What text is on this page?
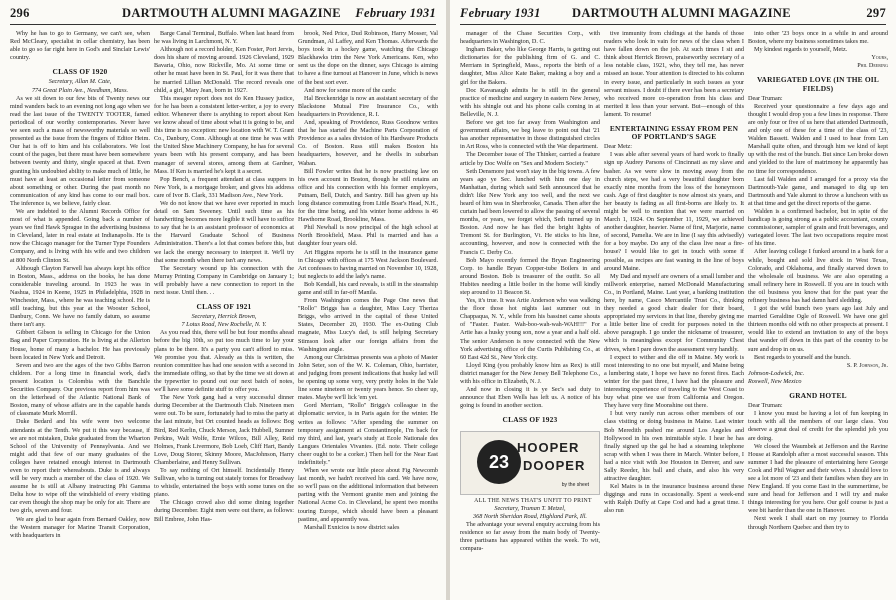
296	DARTMOUTH ALUMNI MAGAZINE February 1931

Why he has to go to Germany, we can't see, when Red McCleary, specialist in cellar chemistry, has been able to go so far right here in God's and Sinclair Lewis' country.

CLASS OF 1920

Secretary, Allan M. Cate,

774 Great Plain Ave., Needham, Mass.

As we sit down to our few bits of Twenty news our mind wanders back to an evening not long ago when we read the last issue of the TWENTY TOOTER, famed periodical of our worthy contemporaries. Never have we seen such a mass of newsworthy materials so well presented as the issue from the fingers of Editor Heim. Our hat is off to him and his collaborators. We lost count of the pages, but there must have been somewhere between twenty and thirty, single spaced at that. Even granting his undoubted ability to make much of little, he must have at least an occasional letter from someone about something or other. During the past month no communication of any kind has come to our mail box. The inference is, we believe, fairly clear.

We are indebted to the Alumni Records Office for most of what is appended. Going back a number of years we find Hawk Sprague in the advertising business in Cleveland, later in real estate at Indianapolis. He is now the Chicago manager for the Turner Type Founders Company, and is living with his wife and two children at 800 North Clinton St.

Although Clayton Farwell has always kept his office in Boston, Mass., address on the books, he has done considerable traveling around. In 1923 he was in Nashua, 1924 in Keene, 1925 in Philadelphia, 1928 in Winchester, Mass., where he was teaching school. He is still teaching, but this year at the Wooster School, Danbury, Conn. We have no family datum, so assume there isn't any.

Gibbert Gibson is selling in Chicago for the Union Bag and Paper Corporation. He is living at the Allerton House, home of many a bachelor. He has previously been located in New York and Detroit.

Seven and two are the ages of the two Gibbs Barron children. For a long time in financial work, dad's present location is Colombia with the Banchile Securities Company. Our previous report from him was on the letterhead of the Atlantic National Bank of Boston, many of whose affairs are in the capable hands of classmate Murk Morrill.

Duke Bedard and his wife were two welcome attendants at the Tenth. We put it this way because, if we are not mistaken, Duke graduated from the Wharton School of the University of Pennsylvania. And we might add that few of our many graduates of the colleges have retained enough interest in Dartmouth even to report their whereabouts. Duke is and always will be very much a member of the class of 1920. We assume he is still at Albany instructing Phi Gamma Delta how to wipe off the windshield of every visiting car even though the shop may be only for air. There are two girls, seven and four.

We are glad to hear again from Bernard Oakley, now the Western manager for Marine Transit Corporation, with headquarters in

Barge Canal Terminal, Buffalo. When last heard from he was living in Larchmont, N. Y.

Although not a record holder, Ken Foster, Port Jervis, does his share of moving around. 1926 Cleveland, 1929 Bavaria, Ohio, now Rickville, Mo. At some time or other he must have been in St. Paul, for it was there that he married Lillian McDonald. The record reveals one child, a girl, Mary Jean, born in 1927.

This meager report does not do Ken Hussey justice, for he has been a consistent letter-writer, a joy to every editor. Whenever there is anything to report about Ken we know ahead of time about what it is going to be, and this time is no exception: new location with W. T. Grant Co., Danbury, Conn. Although at one time he was with the United Shoe Machinery Company, he has for several years been with his present company, and has been manager of several stores, among them at Gardner, Mass. If Ken is married he's kept it a secret.

Pop Bench, a frequent attendant at class suppers in New York, is a mortgage broker, and gives his address care of Ivor B. Clark, 331 Madison Ave., New York.

We do not know that we have ever reported in much detail on Sam Sweeney. Until such time as his handwriting becomes more legible it will have to suffice to say that he is an assistant professor of economics at the Harvard Graduate School of Business Administration. There's a lot that comes before this, but we lack the energy necessary to interpret it. We'll try that some month when there isn't any news.

The Secretary wound up his connection with the Murray Printing Company in Cambridge on January 1; will probably have a new connection to report in the next issue. Until then. . .

CLASS OF 1921

Secretary, Herrick Brown,

7 Lotus Road, New Rochelle, N. Y.

As you read this, there will be but four months ahead before the big 10th, so put too much time to lay your plans to be there. It's a party you can't afford to miss. We promise you that. Already as this is written, the reunion committee has had one session with a second in the immediate offing, so that by the time we sit down at the typewriter to pound out our next batch of notes, we'll have some definite stuff to offer you.

The New York gang had a very successful dinner during December at the Dartmouth Club. Nineteen men were out. To be sure, fortunately had to miss the party at the last minute, but Ort counted heads as follows: Bog Bird, Red Kerlin, Chuck Merson, Jack Hubbell, Sumner Perkins, Walt Wolfe, Ernie Wilcox, Bill Alley, Reid Holmes, Frank Livermore, Bob Loeb, Cliff Hart, Bandy Love, Doug Storer, Skinny Moore, MacJohnson, Harry Chamberlaine, and Henry Sullivan.

To say nothing of Ort himself. Incidentally Henry Sullivan, who is turning out stately tomes for Broadway to whistle, entertained the boys with some tunes on the piano.

The Chicago crowd also did some dining together during December. Eight men were out there, as follows: Bill Embree, John Has-

brook, Ned Price, Dud Robinson, Harry Mosser, Val Grundman, Al Laffey, and Ken Thomas. Afterwards the boys took in a hockey game, watching the Chicago Blackhawks trim the New York Americans. Ken, who sent us the dope on the dinner, says Chicago is aiming to have a fine turnout at Hanover in June, which is news of the best sort ever.

And now for some more of the cards:

Hal Breckenridge is now an assistant secretary of the Blackstone Mutual Fire Insurance Co., with headquarters in Providence, R. I.

And, speaking of Providence, Russ Goodnow writes that he has started the Machine Parts Corporation of Providence as a sales division of his Hardware Products Co. of Boston. Russ still makes Boston his headquarters, however, and he dwells in suburban Waban.

Bill Fowler writes that he is now practising law on his own account in Boston, though he still retains an office and his connection with his former employers, Putnam, Bell, Dutch, and Santry. Bill has given up his long distance commuting from Little Boar's Head, N.H., for the time being, and his winter home address is 46 Hawthorne Road, Brookline, Mass.

Phil Newhall is now principal of the high school at North Brookfield, Mass. Phil is married and has a daughter four years old.

Art Higgins reports he is still in the insurance game in Chicago with offices at 175 West Jackson Boulevard. Art confesses to having married on November 10, 1928, but neglects to add the lady's name.

Bob Kendall, his card reveals, is still in the steamship game and still in far-off Manila.

From Washington comes the Page One news that "Rollo" Briggs has a daughter, Miss Lucy Theriza Briggs, who arrived in the capital of these United States, December 20, 1930. The ex-Outing Club magnate, Miss Lucy's dad, is still helping Secretary Stimson look after our foreign affairs from the Washington angle.

Among our Christmas presents was a photo of Master John Seter, son of the W. K. Coleman, Ohio, barrister, and judging from present indications that husky lad will be opening up some very, very pretty holes in the Yale line some nineteen or twenty years hence. So cheer up, mates. Maybe we'll lick 'em yet.

Gord Merriam, "Rollo" Briggs's colleague in the diplomatic service, is in Paris again for the winter. He writes as follows: "After spending the summer on temporary assignment at Constantinople, I'm back for my third, and last, year's study at Ecole Nationale des Langues Orientales Vivantes. (Ed. note. Their college cheer ought to be a corker.) Then hell for the Near East indefinitely."

When we wrote our little piece about Fig Newcomb last month, we hadn't received his card. We have now, so we'll pass on the additional information that between parting with the Vermont granite men and joining the National Acme Co. in Cleveland, he spent two months touring Europe, which should have been a pleasant pastime, and apparently was.

Marshall Exnicios is now district sales

February 1931	DARTMOUTH ALUMNI MAGAZINE	297

manager of the Chase Securities Corp., with headquarters in Washington, D. C.

Ingham Baker, who like George Harris, is getting out dictionaries for the publishing firm of G. and C. Merriam in Springfield, Mass., reports the birth of a daughter, Miss Alice Kate Baker, making a boy and a girl for the Bakers.

Doc Kavanaugh admits he is still in the general practice of medicine and surgery in eastern New Jersey, with his shingle out and his phone calls coming in at Belleville, N. J.

Before we get too far away from Washington and government affairs, we beg leave to point out that '21 has another representative in those distinguished circles in Art Ross, who is connected with the War department.

The December issue of The Thinker, carried a feature article by Doc Wolfe on "Sex and Modern Society."

Seth Densmore just won't stay in the big towns. A few years ago ye Sec. lunched with him one day in Manhattan, during which said Seth announced that he didn't like New York any too well, and the next we heard of him was in Sherbrooke, Canada. Then after the curtain had been lowered to allow the passing of several months, or years, we forget which, Seth turned up in Boston. And now he has fled the bright lights of Tremont St. for Burlington, Vt. He sticks to his line, accounting, however, and now is connected with the Francis C. Derby Co.

Bob Mayo recently formed the Bryan Engineering Corp. to handle Bryan Copper-tube Boilers in and around Boston. Bob is treasurer of the outfit. So all Hubites needing a little boiler in the home will kindly step around to 11 Beacon St.

Yes, it's true. It was Artie Anderson who was walking the floor those hot nights last summer out in Chappaqua, N. Y., while from his bassinet came shouts of "Faster. Faster. Wah-boo-wah-wah-WAH!!!" For Artie has a husky young son, now a year and a half old. The senior Anderson is now connected with the New York advertising office of the Curtis Publishing Co., at 60 East 42d St., New York city.

Lloyd King (you probably know him as Rex) is still district manager for the New Jersey Bell Telephone Co., with his office in Elizabeth, N. J.

And now in closing it is ye Sec's sad duty to announce that Eben Wells has left us. A notice of his going is found in another section.

CLASS OF 1923

23
HOOPER
DOOPER
by the sheet

ALL THE NEWS THAT'S UNFIT TO PRINT

Secretary, Truman T. Metzel,

368 North Sheridan Road, Highland Park, Ill.

The advantage your several enquiry accruing from his residence so far away from the main body of Twenty-three partisans has appeared within the week. To wit, compara-

tive immunity from chidings at the hands of those readers who look in vain for news of the class when I have fallen down on the job. At such times I sit and think about Herrick Brown, praiseworthy secretary of a less notable class, 1921, who, they tell me, has never missed an issue. Your attention is directed to his column in every issue, and particularly in such issues as your servant misses. I doubt if there ever has been a secretary who received more co-operation from his class and merited it less than your servant. But—enough of this lament. To resume!

ENTERTAINING ESSAY FROM PEN OF PORTLAND'S SAGE

Dear Metz:

I was able after several years of hard work to finally sign up Audrey Parsons of Cincinnati as my slave and basher. As we were slow in moving away from the church steps, we had a very beautiful daughter born exactly nine months from the loss of the honeymoon cash. Age of first daughter is now almost six years, and her beauty is fading as all first-borns are likely to. It might be well to mention that we were married on March 1, 1924. On September 11, 1929, we achieved another daughter, heavier. Name of first, Marjorie, name of second, Pamelia. We are in line (I say this advisedly) for a boy maybe. Do any of the class live near a fire-house? I would like to get in touch with some if possible, as recipes are fast waning in the line of boys around Maine.

My Dad and myself are owners of a small lumber and millwork enterprise, named McDonald Manufacturing Co., in Portland, Maine. Last year, a banking institution here, by name, Casco Mercantile Trust Co., thinking they needed a good chair dealer for their board, appropriated my services in that line, thereby giving me a little better line of credit for purposes noted in the above paragraph. I go under the nickname of treasurer, which is meaningless except for Community Chest drives, when I pare down the assessment very handily.

I expect to wither and die off in Maine. My work is most interesting to no one but myself, and Maine being a lumbering state, I hope we have no forest fires. Each winter for the past three, I have had the pleasure and interesting experience of traveling to the West Coast to buy what pine we use from California and Oregon. They have very fine Moonshine out there.

I but very rarely run across other members of our class visiting or doing business in Maine. Last winter Bob Meredith pushed me around Los Angeles and Hollywood in his own inimitable style. I hear he has finally signed up the gal he had a steaming telephone scrap with when I was there in March. Winter before, I had a nice visit with Joe Houston in Denver, and saw Sally Reeder, his ball and chain, and also his very attractive daughter.

Kel Mairs is in the insurance business around these diggings and runs in occasionally. Spent a week-end with Ralph Duffy at Cape Cod and had a great time. I also run

into other '23 boys once in a while in and around Boston, where my business sometimes takes me.

My kindest regards to yourself, Metz.

Yours,

Phil Deering

VARIEGATED LOVE (IN THE OIL FIELDS)

Dear Truman:

Received your questionnaire a few days ago and thought I would drop you a few lines in response. There are only four or five of us here that attended Dartmouth, and only one of these for a time of the class of '23, Walden Bassett. Walden and I used to hear from Len Marshall quite often, and through him we kind of kept up with the rest of the bunch. But since Len broke down and yielded to the lure of matrimony he apparently has no time for correspondence.

Last fall Walden and I arranged for a proxy via the Dartmouth-Yale game, and managed to dig up ten Dartmouth and Yale alumni to throw a luncheon with us at that time and get the direct reports of the game.

Walden is a confirmed bachelor, but in spite of the handicap is going strong as a public accountant, county commissioner, sampler of grain and fruit beverages, and variegated lover. The last two occupations require most of his time.

After leaving college I funked around in a bank for a while, bought and sold live stock in West Texas, Colorado, and Oklahoma, and finally starved down to the wholesale oil business. We are also operating a small refinery here in Roswell. If you are in touch with the oil business you know that for the past year the refinery business has had damn hard sledding.

I got the wild bunch two years ago last July and married Geraldine Ogle of Roswell. We have one girl thirteen months old with no other prospects at present. I would like to extend an invitation to any of the boys that wander off down in this part of the country to be sure and drop in on us.

Best regards to yourself and the bunch.

S. P. Johnson, Jr.

Johnson-Lodwick, Inc.

Roswell, New Mexico

GRAND HOTEL

Dear Truman:

I know you must be having a lot of fun keeping in touch with all the members of our large class. You deserve a great deal of credit for the splendid job you are doing.

We closed the Waumbek at Jefferson and the Ravine House at Randolph after a most successful season. This summer I had the pleasure of entertaining here George Cook and Phil Wagner and their wives. I should love to see a lot more of '23 and their families when they are in New England. If you come East in the summertime, be sure and head for Jefferson and I will try and make things interesting for you here. Our golf course is just a wee bit harder than the one in Hanover.

Next week I shall start on my journey to Florida through Northern Quebec and then try to
